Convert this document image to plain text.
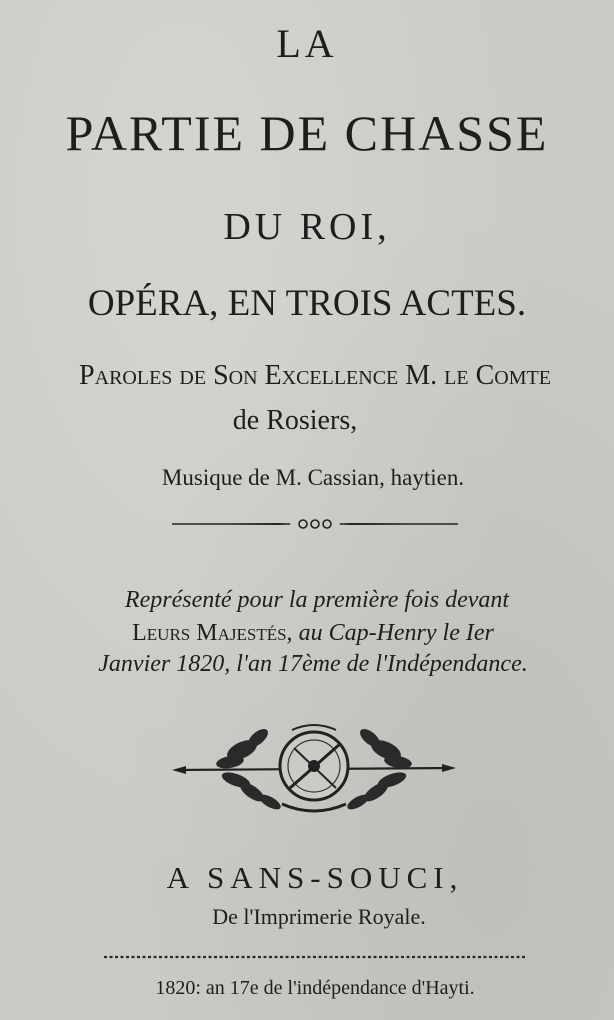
LA
PARTIE DE CHASSE
DU ROI,
OPÉRA, EN TROIS ACTES.
Paroles de Son Excellence M. le Comte
de Rosiers,
Musique de M. Cassian, haytien.
Représenté pour la première fois devant
Leurs Majestés, au Cap-Henry le Ier
Janvier 1820, l'an 17ème de l'Indépendance.
A SANS-SOUCI,
De l'Imprimerie Royale.
1820: an 17e de l'indépendance d'Hayti.
